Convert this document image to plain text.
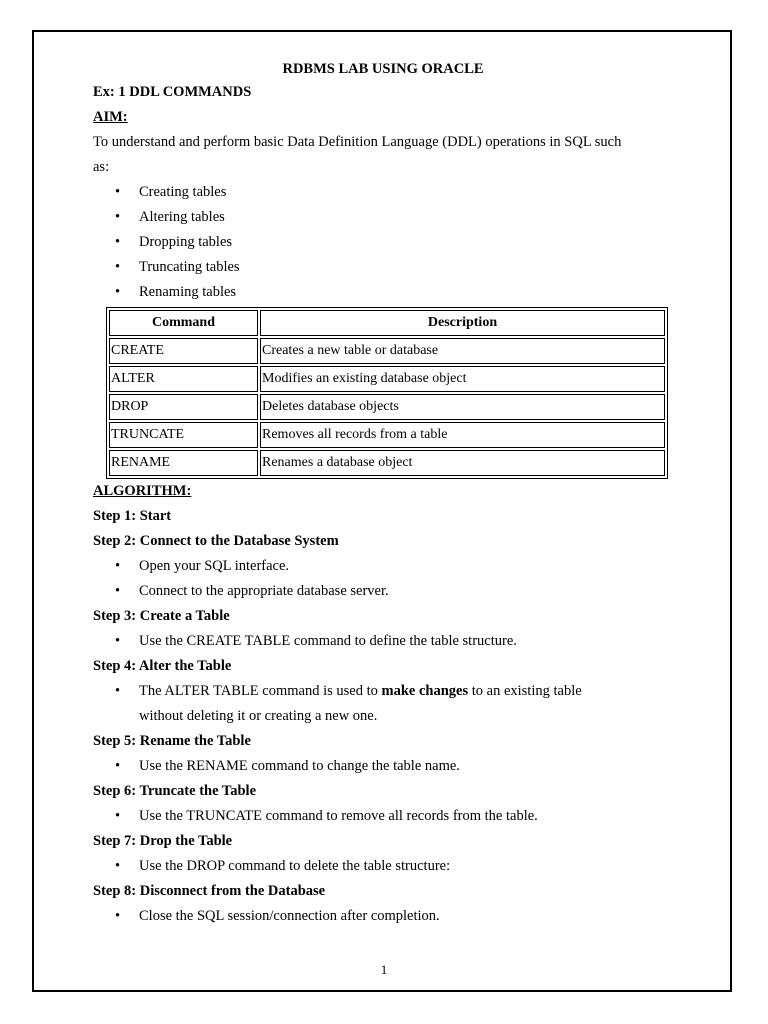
RDBMS LAB USING ORACLE
Ex: 1 DDL COMMANDS
AIM:
To understand and perform basic Data Definition Language (DDL) operations in SQL such
as:
• Creating tables
• Altering tables
• Dropping tables
• Truncating tables
• Renaming tables
Command	Description
CREATE	Creates a new table or database
ALTER	Modifies an existing database object
DROP	Deletes database objects
TRUNCATE	Removes all records from a table
RENAME	Renames a database object
ALGORITHM:
Step 1: Start
Step 2: Connect to the Database System
• Open your SQL interface.
• Connect to the appropriate database server.
Step 3: Create a Table
• Use the CREATE TABLE command to define the table structure.
Step 4: Alter the Table
• The ALTER TABLE command is used to make changes to an existing table without deleting it or creating a new one.
Step 5: Rename the Table
• Use the RENAME command to change the table name.
Step 6: Truncate the Table
• Use the TRUNCATE command to remove all records from the table.
Step 7: Drop the Table
• Use the DROP command to delete the table structure:
Step 8: Disconnect from the Database
• Close the SQL session/connection after completion.
1
